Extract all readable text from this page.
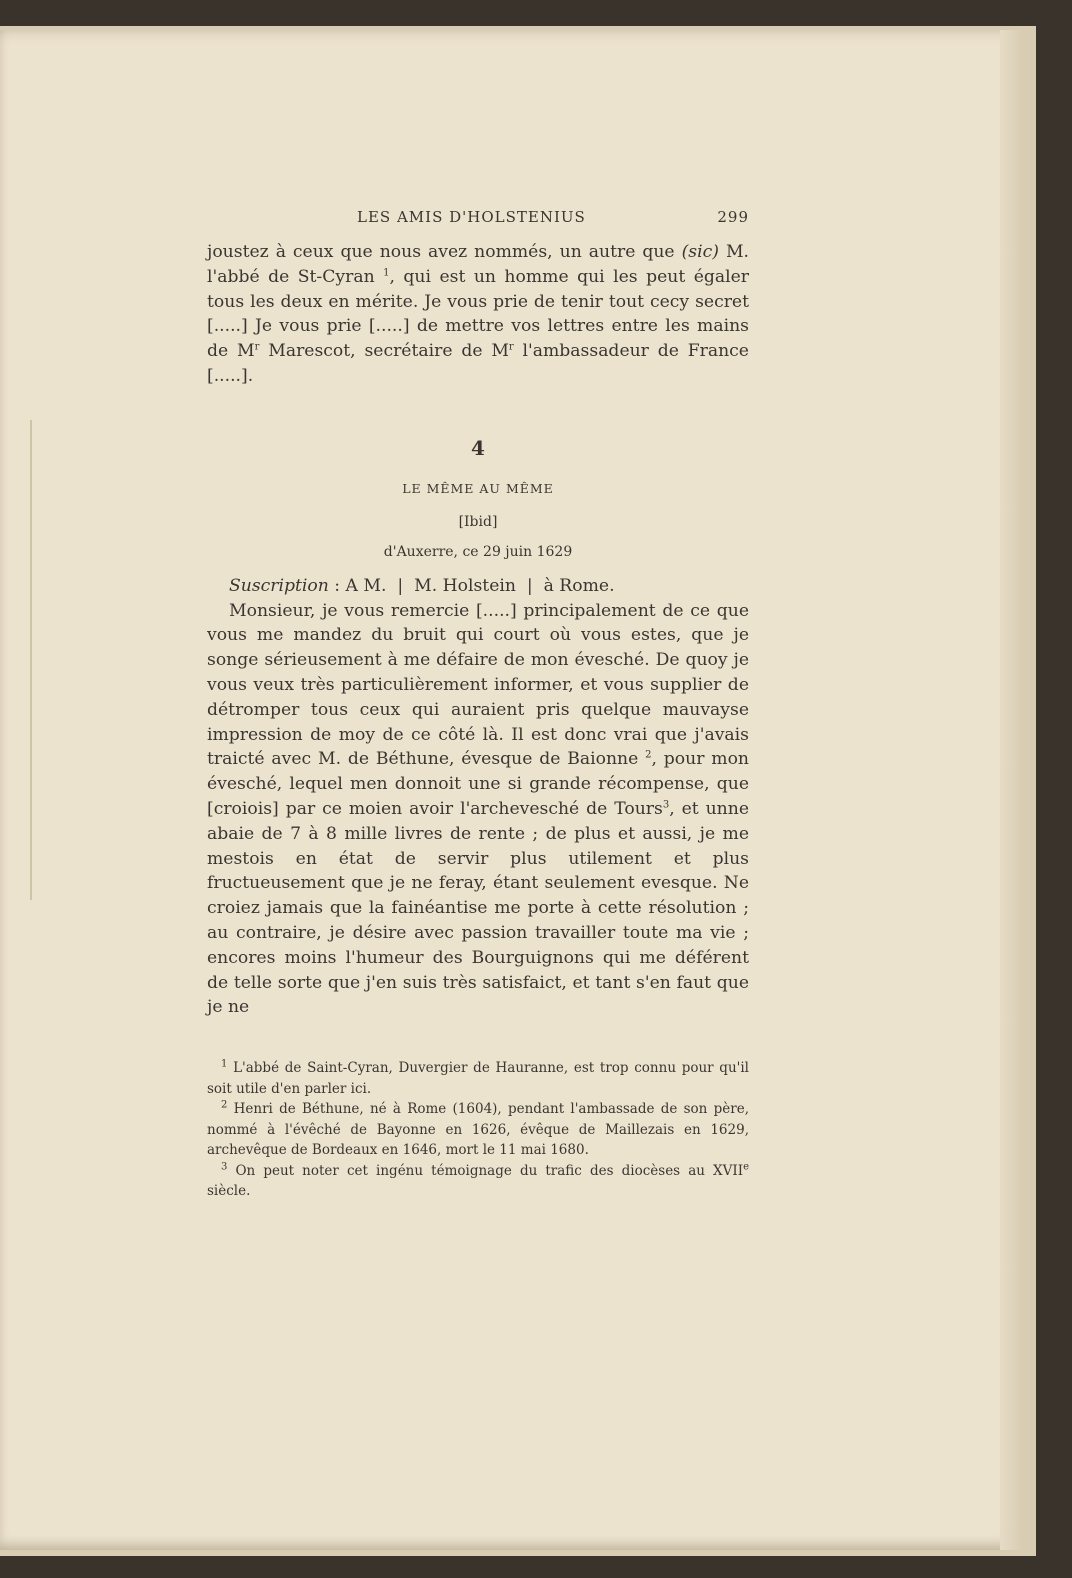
LES AMIS D'HOLSTENIUS	299

joustez à ceux que nous avez nommés, un autre que (sic) M. l'abbé de St-Cyran $^1$, qui est un homme qui les peut égaler tous les deux en mérite. Je vous prie de tenir tout cecy secret [.....] Je vous prie [.....] de mettre vos lettres entre les mains de $M^r$ Marescot, secrétaire de $M^r$ l'ambassadeur de France [.....].

4
LE MÊME AU MÊME
[Ibid]
d'Auxerre, ce 29 juin 1629
Suscription : A M.  |  M. Holstein  |  à Rome.

Monsieur, je vous remercie [.....] principalement de ce que vous me mandez du bruit qui court où vous estes, que je songe sérieusement à me défaire de mon évesché. De quoy je vous veux très particulièrement informer, et vous supplier de détromper tous ceux qui auraient pris quelque mauvayse impression de moy de ce côté là. Il est donc vrai que j'avais traicté avec M. de Béthune, évesque de Baionne $^2$, pour mon évesché, lequel men donnoit une si grande récompense, que [croiois] par ce moien avoir l'archevesché de Tours$^3$, et unne abaie de 7 à 8 mille livres de rente ; de plus et aussi, je me mestois en état de servir plus utilement et plus fructueusement que je ne feray, étant seulement evesque. Ne croiez jamais que la fainéantise me porte à cette résolution ; au contraire, je désire avec passion travailler toute ma vie ; encores moins l'humeur des Bourguignons qui me déférent de telle sorte que j'en suis très satisfaict, et tant s'en faut que je ne

$^1$ L'abbé de Saint-Cyran, Duvergier de Hauranne, est trop connu pour qu'il soit utile d'en parler ici.

$^2$ Henri de Béthune, né à Rome (1604), pendant l'ambassade de son père, nommé à l'évêché de Bayonne en 1626, évêque de Maillezais en 1629, archevêque de Bordeaux en 1646, mort le 11 mai 1680.

$^3$ On peut noter cet ingénu témoignage du trafic des diocèses au XVIIe siècle.
